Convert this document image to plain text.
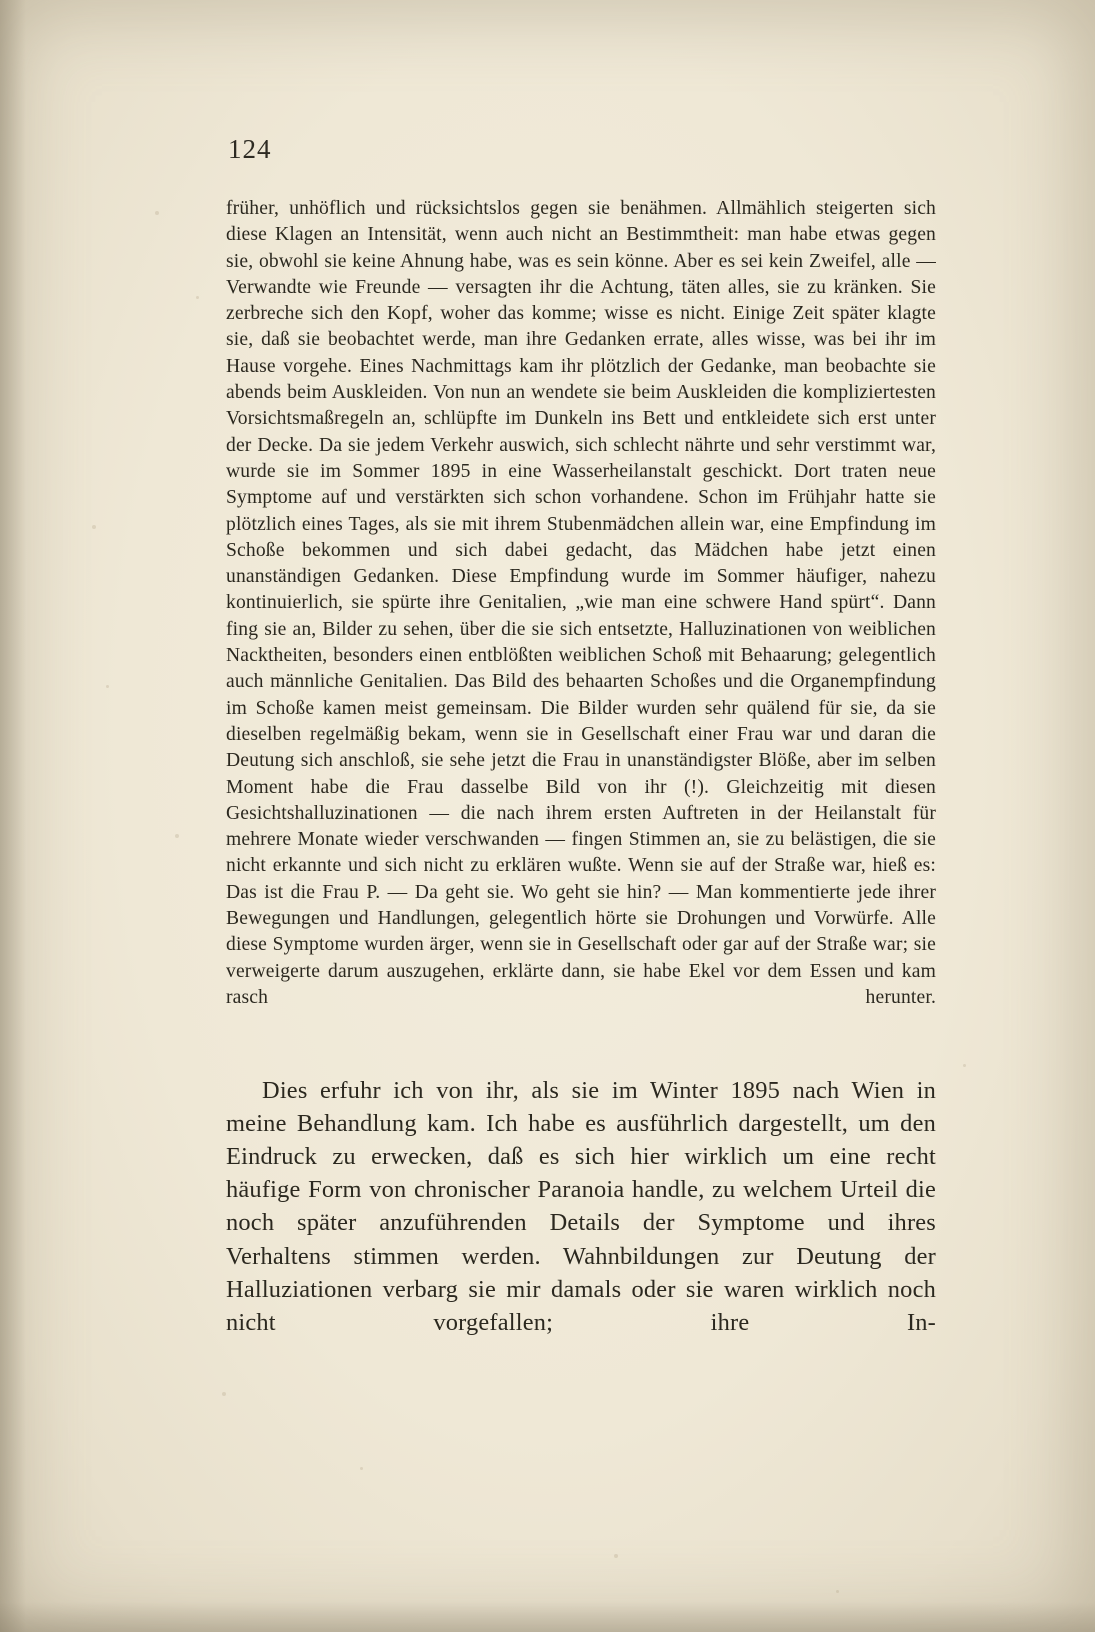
124

früher, unhöflich und rücksichtslos gegen sie benähmen. Allmählich steigerten sich diese Klagen an Intensität, wenn auch nicht an Bestimmtheit: man habe etwas gegen sie, obwohl sie keine Ahnung habe, was es sein könne. Aber es sei kein Zweifel, alle — Verwandte wie Freunde — versagten ihr die Achtung, täten alles, sie zu kränken. Sie zerbreche sich den Kopf, woher das komme; wisse es nicht. Einige Zeit später klagte sie, daß sie beobachtet werde, man ihre Gedanken errate, alles wisse, was bei ihr im Hause vorgehe. Eines Nachmittags kam ihr plötzlich der Gedanke, man beobachte sie abends beim Auskleiden. Von nun an wendete sie beim Auskleiden die kompliziertesten Vorsichtsmaßregeln an, schlüpfte im Dunkeln ins Bett und entkleidete sich erst unter der Decke. Da sie jedem Verkehr auswich, sich schlecht nährte und sehr verstimmt war, wurde sie im Sommer 1895 in eine Wasserheilanstalt geschickt. Dort traten neue Symptome auf und verstärkten sich schon vorhandene. Schon im Frühjahr hatte sie plötzlich eines Tages, als sie mit ihrem Stubenmädchen allein war, eine Empfindung im Schoße bekommen und sich dabei gedacht, das Mädchen habe jetzt einen unanständigen Gedanken. Diese Empfindung wurde im Sommer häufiger, nahezu kontinuierlich, sie spürte ihre Genitalien, „wie man eine schwere Hand spürt“. Dann fing sie an, Bilder zu sehen, über die sie sich entsetzte, Halluzinationen von weiblichen Nacktheiten, besonders einen entblößten weiblichen Schoß mit Behaarung; gelegentlich auch männliche Genitalien. Das Bild des behaarten Schoßes und die Organempfindung im Schoße kamen meist gemeinsam. Die Bilder wurden sehr quälend für sie, da sie dieselben regelmäßig bekam, wenn sie in Gesellschaft einer Frau war und daran die Deutung sich anschloß, sie sehe jetzt die Frau in unanständigster Blöße, aber im selben Moment habe die Frau dasselbe Bild von ihr (!). Gleichzeitig mit diesen Gesichtshalluzinationen — die nach ihrem ersten Auftreten in der Heilanstalt für mehrere Monate wieder verschwanden — fingen Stimmen an, sie zu belästigen, die sie nicht erkannte und sich nicht zu erklären wußte. Wenn sie auf der Straße war, hieß es: Das ist die Frau P. — Da geht sie. Wo geht sie hin? — Man kommentierte jede ihrer Bewegungen und Handlungen, gelegentlich hörte sie Drohungen und Vorwürfe. Alle diese Symptome wurden ärger, wenn sie in Gesellschaft oder gar auf der Straße war; sie verweigerte darum auszugehen, erklärte dann, sie habe Ekel vor dem Essen und kam rasch herunter.

Dies erfuhr ich von ihr, als sie im Winter 1895 nach Wien in meine Behandlung kam. Ich habe es ausführlich dargestellt, um den Eindruck zu erwecken, daß es sich hier wirklich um eine recht häufige Form von chronischer Paranoia handle, zu welchem Urteil die noch später anzuführenden Details der Symptome und ihres Verhaltens stimmen werden. Wahnbildungen zur Deutung der Halluziationen verbarg sie mir damals oder sie waren wirklich noch nicht vorgefallen; ihre In-
